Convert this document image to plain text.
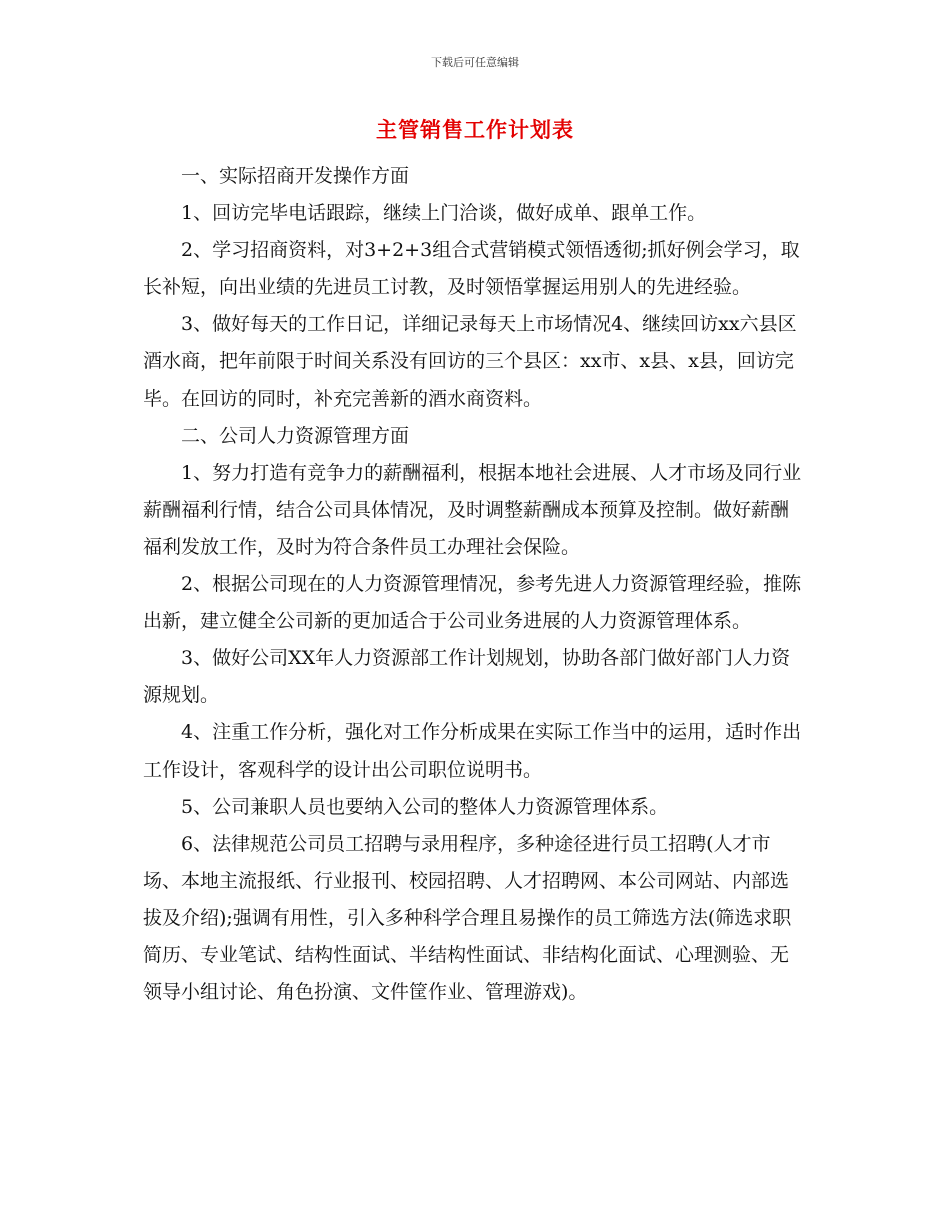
下载后可任意编辑
主管销售工作计划表

一、实际招商开发操作方面

1、回访完毕电话跟踪，继续上门洽谈，做好成单、跟单工作。

2、学习招商资料，对3+2+3组合式营销模式领悟透彻;抓好例会学习，取长补短，向出业绩的先进员工讨教，及时领悟掌握运用别人的先进经验。

3、做好每天的工作日记，详细记录每天上市场情况4、继续回访xx六县区酒水商，把年前限于时间关系没有回访的三个县区：xx市、x县、x县，回访完毕。在回访的同时，补充完善新的酒水商资料。

二、公司人力资源管理方面

1、努力打造有竞争力的薪酬福利，根据本地社会进展、人才市场及同行业薪酬福利行情，结合公司具体情况，及时调整薪酬成本预算及控制。做好薪酬福利发放工作，及时为符合条件员工办理社会保险。

2、根据公司现在的人力资源管理情况，参考先进人力资源管理经验，推陈出新，建立健全公司新的更加适合于公司业务进展的人力资源管理体系。

3、做好公司XX年人力资源部工作计划规划，协助各部门做好部门人力资源规划。

4、注重工作分析，强化对工作分析成果在实际工作当中的运用，适时作出工作设计，客观科学的设计出公司职位说明书。

5、公司兼职人员也要纳入公司的整体人力资源管理体系。

6、法律规范公司员工招聘与录用程序，多种途径进行员工招聘(人才市场、本地主流报纸、行业报刊、校园招聘、人才招聘网、本公司网站、内部选拔及介绍);强调有用性，引入多种科学合理且易操作的员工筛选方法(筛选求职简历、专业笔试、结构性面试、半结构性面试、非结构化面试、心理测验、无领导小组讨论、角色扮演、文件筐作业、管理游戏)。
